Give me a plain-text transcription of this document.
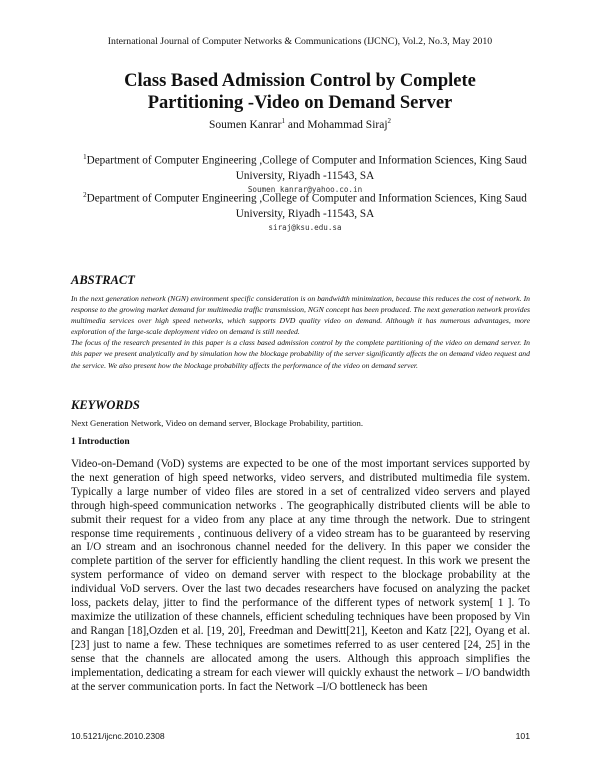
International Journal of Computer Networks & Communications (IJCNC), Vol.2, No.3, May 2010
Class Based Admission Control by Complete
Partitioning -Video on Demand Server
Soumen Kanrar$^1$ and Mohammad Siraj$^2$
$^1$Department of Computer Engineering ,College of Computer and Information Sciences, King Saud University, Riyadh -11543, SA
Soumen_kanrar@yahoo.co.in
$^2$Department of Computer Engineering ,College of Computer and Information Sciences, King Saud University, Riyadh -11543, SA
siraj@ksu.edu.sa
ABSTRACT

In the next generation network (NGN) environment specific consideration is on bandwidth minimization, because this reduces the cost of network. In response to the growing market demand for multimedia traffic transmission, NGN concept has been produced. The next generation network provides multimedia services over high speed networks, which supports DVD quality video on demand. Although it has numerous advantages, more exploration of the large-scale deployment video on demand is still needed.

The focus of the research presented in this paper is a class based admission control by the complete partitioning of the video on demand server. In this paper we present analytically and by simulation how the blockage probability of the server significantly affects the on demand video request and the service. We also present how the blockage probability affects the performance of the video on demand server.

KEYWORDS
Next Generation Network, Video on demand server, Blockage Probability, partition.
1 Introduction

Video-on-Demand (VoD) systems are expected to be one of the most important services supported by the next generation of high speed networks, video servers, and distributed multimedia file system. Typically a large number of video files are stored in a set of centralized video servers and played through high-speed communication networks . The geographically distributed clients will be able to submit their request for a video from any place at any time through the network. Due to stringent response time requirements , continuous delivery of a video stream has to be guaranteed by reserving an I/O stream and an isochronous channel needed for the delivery. In this paper we consider the complete partition of the server for efficiently handling the client request. In this work we present the system performance of video on demand server with respect to the blockage probability at the individual VoD servers. Over the last two decades researchers have focused on analyzing the packet loss, packets delay, jitter to find the performance of the different types of network system[ 1 ]. To maximize the utilization of these channels, efficient scheduling techniques have been proposed by Vin and Rangan [18],Ozden et al. [19, 20], Freedman and Dewitt[21], Keeton and Katz [22], Oyang et al. [23] just to name a few. These techniques are sometimes referred to as user centered [24, 25] in the sense that the channels are allocated among the users. Although this approach simplifies the implementation, dedicating a stream for each viewer will quickly exhaust the network – I/O bandwidth at the server communication ports. In fact the Network –I/O bottleneck has been

10.5121/ijcnc.2010.2308	101
